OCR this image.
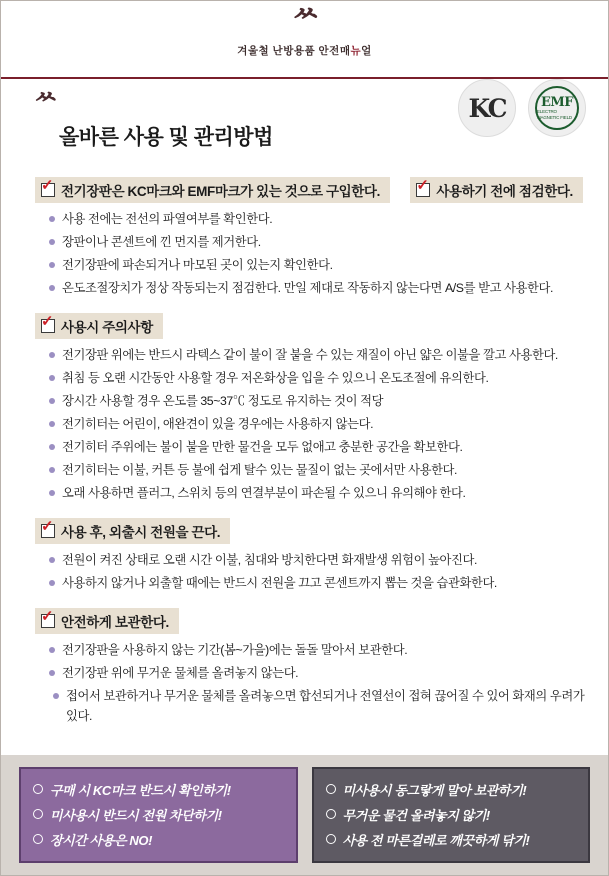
ᄊ
겨울철 난방용품 안전매뉴얼
KC	EMF
ELECTRO MAGNETIC FIELD
ᄊ
올바른 사용 및 관리방법
✓전기장판은 KC마크와 EMF마크가 있는 것으로 구입한다. ✓	사용하기 전에 점검한다.
사용 전에는 전선의 파열여부를 확인한다.
장판이나 콘센트에 낀 먼지를 제거한다.
전기장판에 파손되거나 마모된 곳이 있는지 확인한다.
온도조절장치가 정상 작동되는지 점검한다. 만일 제대로 작동하지 않는다면 A/S를 받고 사용한다.
✓사용시 주의사항
전기장판 위에는 반드시 라텍스 같이 불이 잘 붙을 수 있는 재질이 아닌 얇은 이불을 깔고 사용한다.
취침 등 오랜 시간동안 사용할 경우 저온화상을 입을 수 있으니 온도조절에 유의한다.
장시간 사용할 경우 온도를 35~37℃ 정도로 유지하는 것이 적당
전기히터는 어린이, 애완견이 있을 경우에는 사용하지 않는다.
전기히터 주위에는 불이 붙을 만한 물건을 모두 없애고 충분한 공간을 확보한다.
전기히터는 이불, 커튼 등 불에 쉽게 탈수 있는 물질이 없는 곳에서만 사용한다.
오래 사용하면 플러그, 스위치 등의 연결부분이 파손될 수 있으니 유의해야 한다.
✓사용 후, 외출시 전원을 끈다.
전원이 켜진 상태로 오랜 시간 이불, 침대와 방치한다면 화재발생 위험이 높아진다.
사용하지 않거나 외출할 때에는 반드시 전원을 끄고 콘센트까지 뽑는 것을 습관화한다.
✓안전하게 보관한다.
전기장판을 사용하지 않는 기간(봄~가을)에는 돌돌 말아서 보관한다.
전기장판 위에 무거운 물체를 올려놓지 않는다.
접어서 보관하거나 무거운 물체를 올려놓으면 합선되거나 전열선이 접혀 끊어질 수 있어 화재의 우려가 있다.
구매 시 KC마크 반드시 확인하기!
미사용시 반드시 전원 차단하기!
장시간 사용은 NO!
미사용시 동그랗게 말아 보관하기!
무거운 물건 올려놓지 않기!
사용 전 마른걸레로 깨끗하게 닦기!
